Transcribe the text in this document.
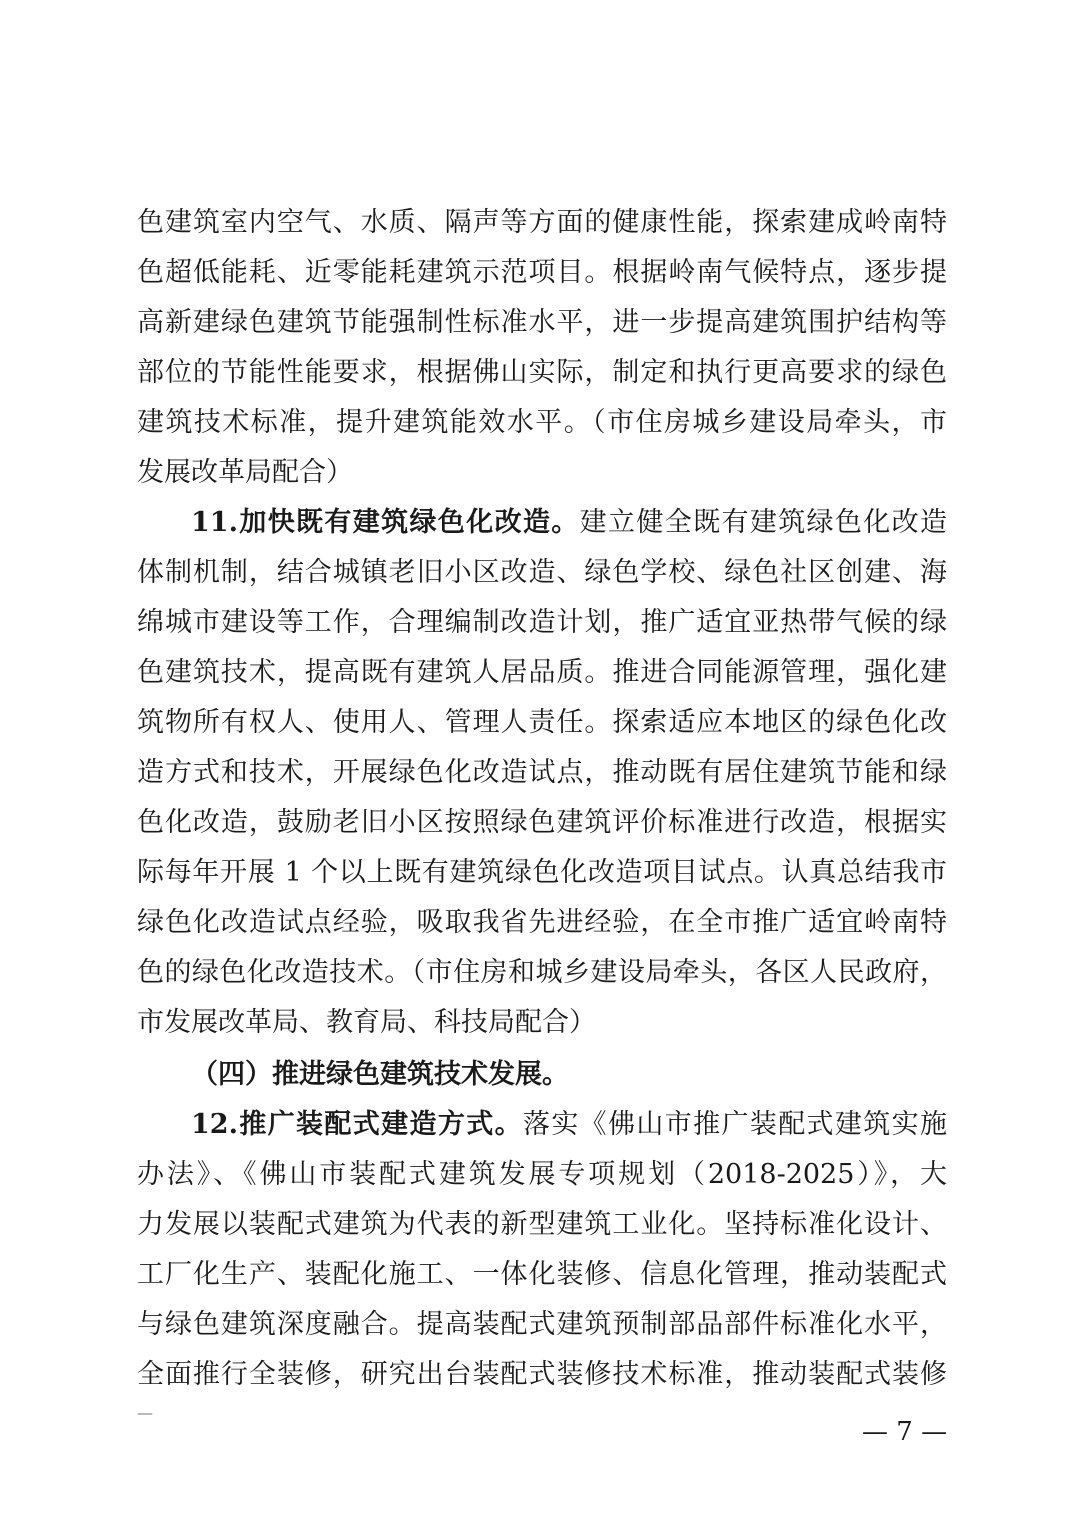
色建筑室内空气、水质、隔声等方面的健康性能，探索建成岭南特
色超低能耗、近零能耗建筑示范项目。根据岭南气候特点，逐步提
高新建绿色建筑节能强制性标准水平，进一步提高建筑围护结构等
部位的节能性能要求，根据佛山实际，制定和执行更高要求的绿色
建筑技术标准，提升建筑能效水平。（市住房城乡建设局牵头，市
发展改革局配合）
11.加快既有建筑绿色化改造。建立健全既有建筑绿色化改造
体制机制，结合城镇老旧小区改造、绿色学校、绿色社区创建、海
绵城市建设等工作，合理编制改造计划，推广适宜亚热带气候的绿
色建筑技术，提高既有建筑人居品质。推进合同能源管理，强化建
筑物所有权人、使用人、管理人责任。探索适应本地区的绿色化改
造方式和技术，开展绿色化改造试点，推动既有居住建筑节能和绿
色化改造，鼓励老旧小区按照绿色建筑评价标准进行改造，根据实
际每年开展 1 个以上既有建筑绿色化改造项目试点。认真总结我市
绿色化改造试点经验，吸取我省先进经验，在全市推广适宜岭南特
色的绿色化改造技术。（市住房和城乡建设局牵头，各区人民政府，
市发展改革局、教育局、科技局配合）
（四）推进绿色建筑技术发展。
12.推广装配式建造方式。落实《佛山市推广装配式建筑实施
办法》、《佛山市装配式建筑发展专项规划（2018-2025）》，大
力发展以装配式建筑为代表的新型建筑工业化。坚持标准化设计、
工厂化生产、装配化施工、一体化装修、信息化管理，推动装配式
与绿色建筑深度融合。提高装配式建筑预制部品部件标准化水平，
全面推行全装修，研究出台装配式装修技术标准，推动装配式装修
—
— 7 —
